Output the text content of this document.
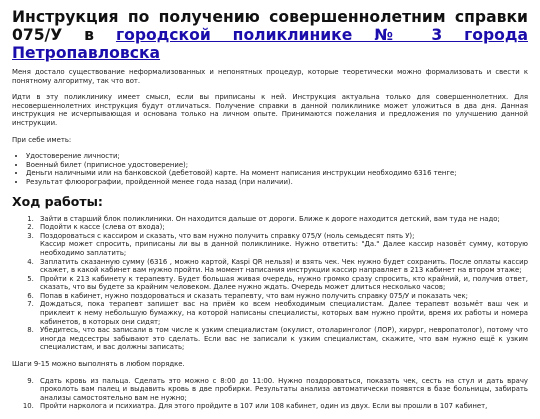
Инструкция по получению совершеннолетним справки 075/У в городской поликлинике № 3 города Петропавловска

Меня достало существование неформализованных и непонятных процедур, которые теоретически можно формализовать и свести к понятному алгоритму, так что вот.

Идти в эту поликлинику имеет смысл, если вы приписаны к ней. Инструкция актуальна только для совершеннолетних. Для несовершеннолетних инструкция будут отличаться. Получение справки в данной поликлинике может уложиться в два дня. Данная инструкция не исчерпывающая и основана только на личном опыте. Принимаются пожелания и предложения по улучшению данной инструкции.

При себе иметь:

• Удостоверение личности;
• Военный билет (приписное удостоверение);
• Деньги наличными или на банковской (дебетовой) карте. На момент написания инструкции необходимо 6316 тенге;
• Результат флюорографии, пройденной менее года назад (при наличии).
Ход работы:
1. Зайти в старший блок поликлиники. Он находится дальше от дороги. Ближе к дороге находится детский, вам туда не надо;
2. Подойти к кассе (слева от входа);
3. Поздороваться с кассиром и сказать, что вам нужно получить справку 075/У (ноль семьдесят пять У);
Кассир может спросить, приписаны ли вы в данной поликлинике. Нужно ответить: "Да." Далее кассир назовёт сумму, которую необходимо заплатить;
4. Заплатить сказанную сумму (6316 , можно картой, Kaspi QR нельзя) и взять чек. Чек нужно будет сохранить. После оплаты кассир скажет, в какой кабинет вам нужно пройти. На момент написания инструкции кассир направляет в 213 кабинет на втором этаже;
5. Пройти к 213 кабинету к терапевту. Будет большая живая очередь, нужно громко сразу спросить, кто крайний, и, получив ответ, сказать, что вы будете за крайним человеком. Далее нужно ждать. Очередь может длиться несколько часов;
6. Попав в кабинет, нужно поздороваться и сказать терапевту, что вам нужно получить справку 075/У и показать чек;
7. Дождаться, пока терапевт запишет вас на приём ко всем необходимым специалистам. Далее терапевт возьмёт ваш чек и приклеит к нему небольшую бумажку, на которой написаны специалисты, которых вам нужно пройти, время их работы и номера кабинетов, в которых они сидят;
8. Убедитесь, что вас записали в том числе к узким специалистам (окулист, отоларинголог (ЛОР), хирург, невропатолог), потому что иногда медсестры забывают это сделать. Если вас не записали к узким специалистам, скажите, что вам нужно ещё к узким специалистам, и вас должны записать;

Шаги 9-15 можно выполнять в любом порядке.

9. Сдать кровь из пальца. Сделать это можно с 8:00 до 11:00. Нужно поздороваться, показать чек, сесть на стул и дать врачу проколоть вам палец и выдавить кровь в две пробирки. Результаты анализа автоматически появятся в базе больницы, забирать анализы самостоятельно вам не нужно;
10. Пройти нарколога и психиатра. Для этого пройдите в 107 или 108 кабинет, один из двух. Если вы прошли в 107 кабинет,
